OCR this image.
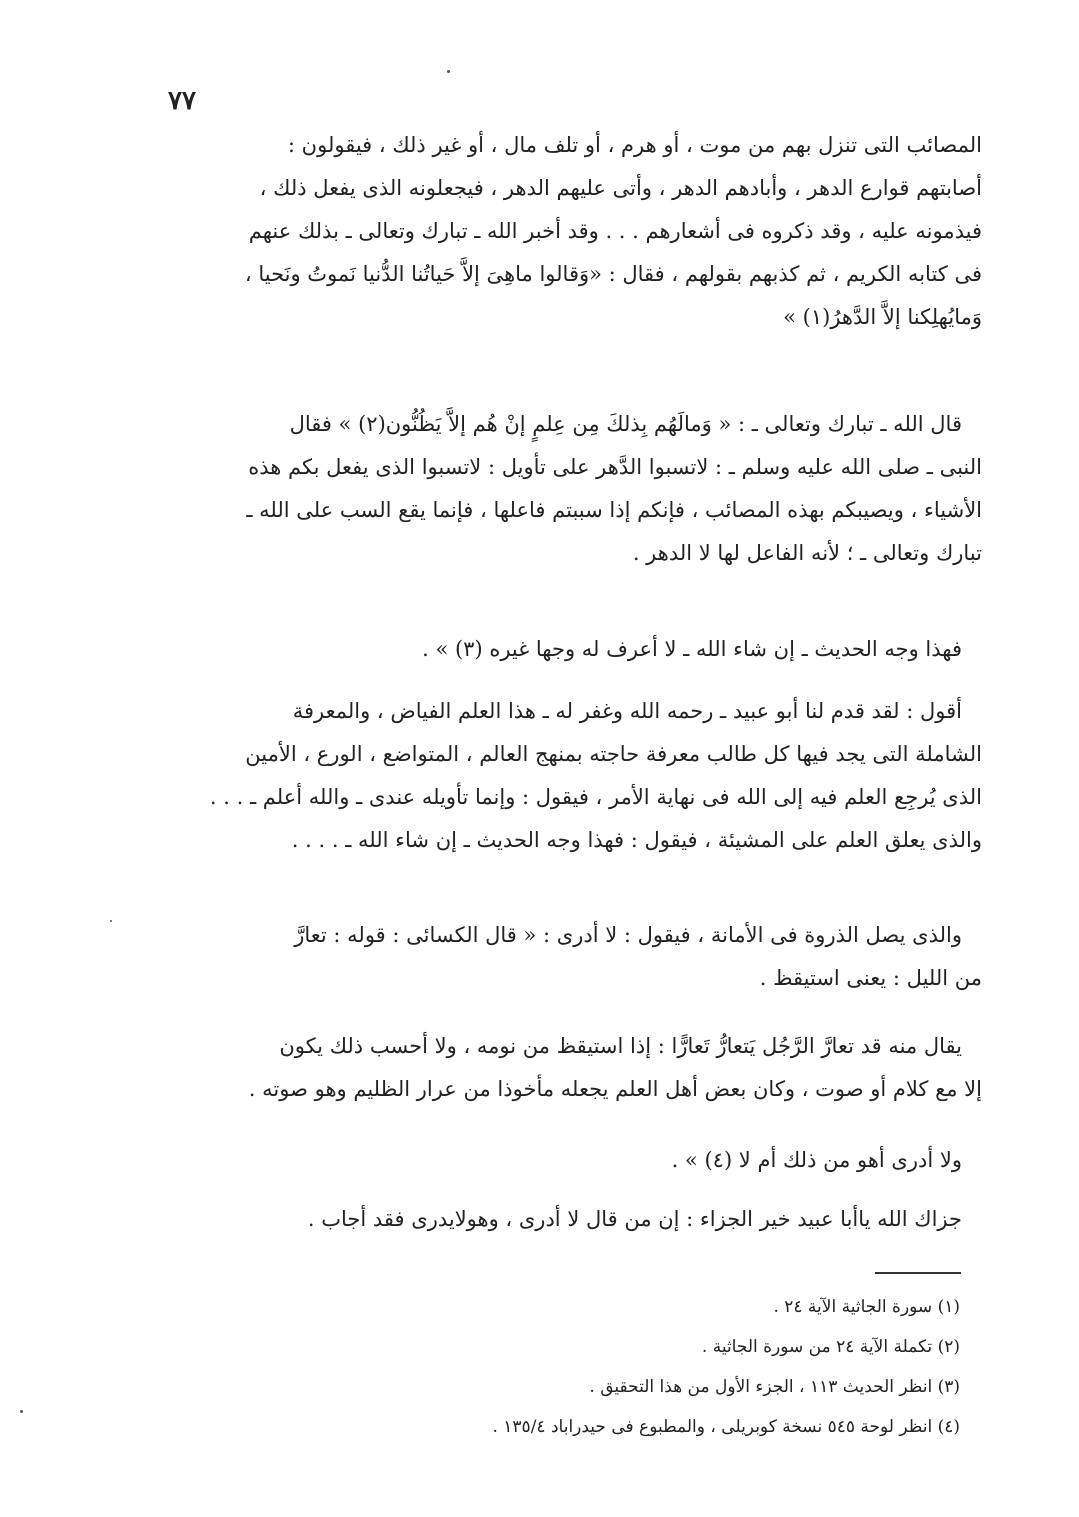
٧٧
المصائب التى تنزل بهم من موت ، أو هرم ، أو تلف مال ، أو غير ذلك ، فيقولون :
أصابتهم قوارع الدهر ، وأبادهم الدهر ، وأتى عليهم الدهر ، فيجعلونه الذى يفعل ذلك ،
فيذمونه عليه ، وقد ذكروه فى أشعارهم . . . وقد أخبر الله ـ تبارك وتعالى ـ بذلك عنهم
فى كتابه الكريم ، ثم كذبهم بقولهم ، فقال : «وَقالوا ماهِىَ إلاَّ حَياتُنا الدُّنيا نَموتُ ونَحيا ،
وَمايُهلِكنا إلاَّ الدَّهرُ(١) »
قال الله ـ تبارك وتعالى ـ : « وَمالَهُم بِذلكَ مِن عِلمٍ إنْ هُم إلاَّ يَظُنُّون(٢) » فقال
النبى ـ صلى الله عليه وسلم ـ : لاتسبوا الدَّهر على تأويل : لاتسبوا الذى يفعل بكم هذه
الأشياء ، ويصيبكم بهذه المصائب ، فإنكم إذا سببتم فاعلها ، فإنما يقع السب على الله ـ
تبارك وتعالى ـ ؛ لأنه الفاعل لها لا الدهر .
فهذا وجه الحديث ـ إن شاء الله ـ لا أعرف له وجها غيره (٣) » .
أقول : لقد قدم لنا أبو عبيد ـ رحمه الله وغفر له ـ هذا العلم الفياض ، والمعرفة
الشاملة التى يجد فيها كل طالب معرفة حاجته بمنهج العالم ، المتواضع ، الورع ، الأمين
الذى يُرجِع العلم فيه إلى الله فى نهاية الأمر ، فيقول : وإنما تأويله عندى ـ والله أعلم ـ . . .
والذى يعلق العلم على المشيئة ، فيقول : فهذا وجه الحديث ـ إن شاء الله ـ . . . .
والذى يصل الذروة فى الأمانة ، فيقول : لا أدرى : « قال الكسائى : قوله : تعارَّ
من الليل : يعنى استيقظ .
يقال منه قد تعارَّ الرَّجُل يَتعارُّ تَعارًّا : إذا استيقظ من نومه ، ولا أحسب ذلك يكون
إلا مع كلام أو صوت ، وكان بعض أهل العلم يجعله مأخوذا من عرار الظليم وهو صوته .
ولا أدرى أهو من ذلك أم لا (٤) » .
جزاك الله ياأبا عبيد خير الجزاء : إن من قال لا أدرى ، وهولايدرى فقد أجاب .
(١) سورة الجاثية الآية ٢٤ .
(٢) تكملة الآية ٢٤ من سورة الجاثية .
(٣) انظر الحديث ١١٣ ، الجزء الأول من هذا التحقيق .
(٤) انظر لوحة ٥٤٥ نسخة كوبريلى ، والمطبوع فى حيدراباد ١٣٥/٤ .
